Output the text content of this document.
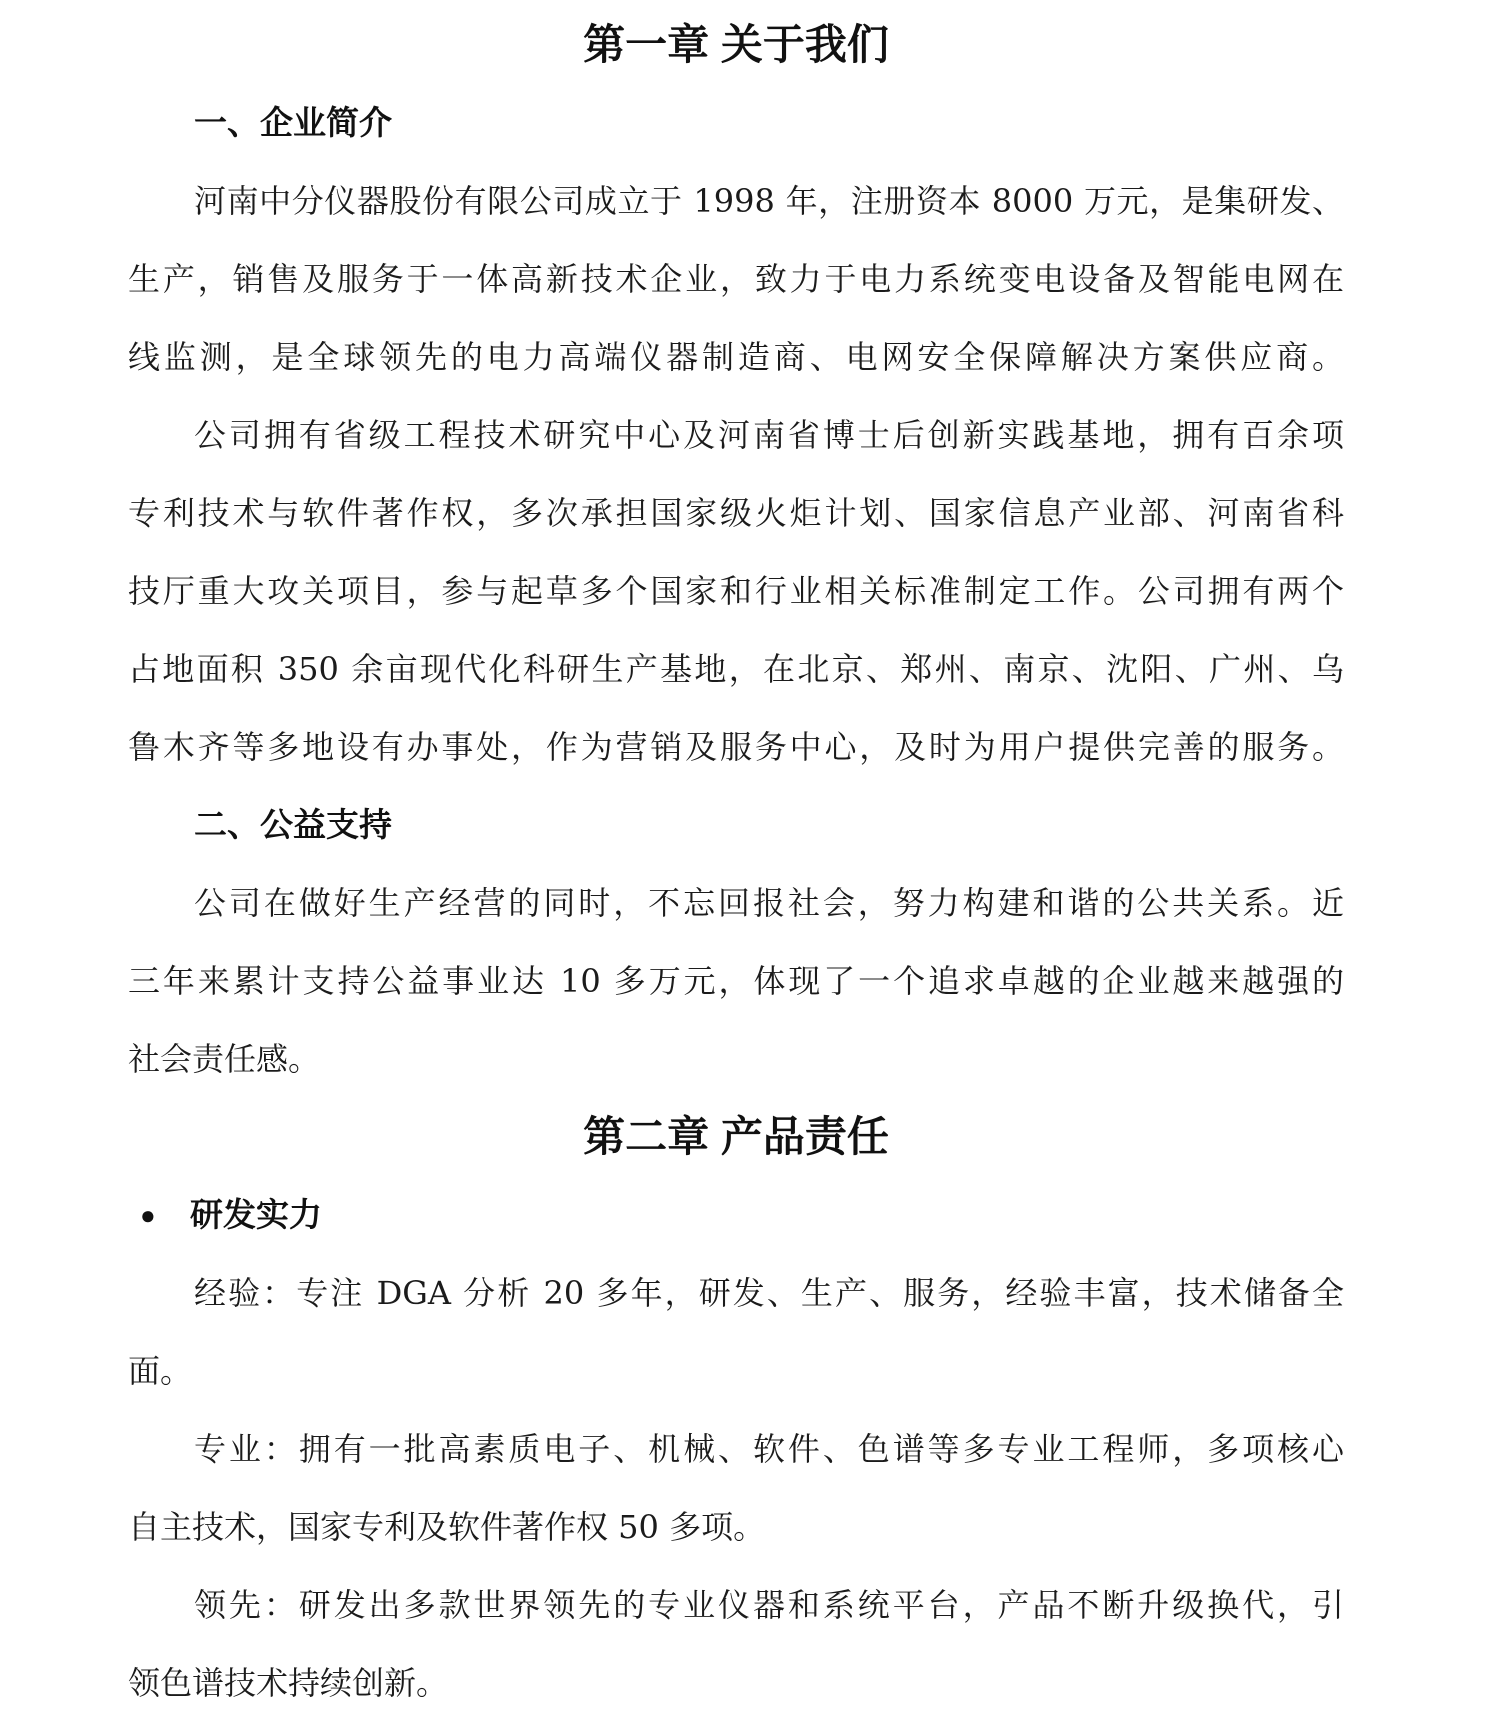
第一章 关于我们
一、企业简介
河南中分仪器股份有限公司成立于 1998 年，注册资本 8000 万元，是集研发、
生产，销售及服务于一体高新技术企业，致力于电力系统变电设备及智能电网在
线监测，是全球领先的电力高端仪器制造商、电网安全保障解决方案供应商。
公司拥有省级工程技术研究中心及河南省博士后创新实践基地，拥有百余项
专利技术与软件著作权，多次承担国家级火炬计划、国家信息产业部、河南省科
技厅重大攻关项目，参与起草多个国家和行业相关标准制定工作。公司拥有两个
占地面积 350 余亩现代化科研生产基地，在北京、郑州、南京、沈阳、广州、乌
鲁木齐等多地设有办事处，作为营销及服务中心，及时为用户提供完善的服务。
二、公益支持
公司在做好生产经营的同时，不忘回报社会，努力构建和谐的公共关系。近
三年来累计支持公益事业达 10 多万元，体现了一个追求卓越的企业越来越强的
社会责任感。
第二章 产品责任
● 研发实力
经验：专注 DGA 分析 20 多年，研发、生产、服务，经验丰富，技术储备全
面。
专业：拥有一批高素质电子、机械、软件、色谱等多专业工程师，多项核心
自主技术，国家专利及软件著作权 50 多项。
领先：研发出多款世界领先的专业仪器和系统平台，产品不断升级换代，引
领色谱技术持续创新。
